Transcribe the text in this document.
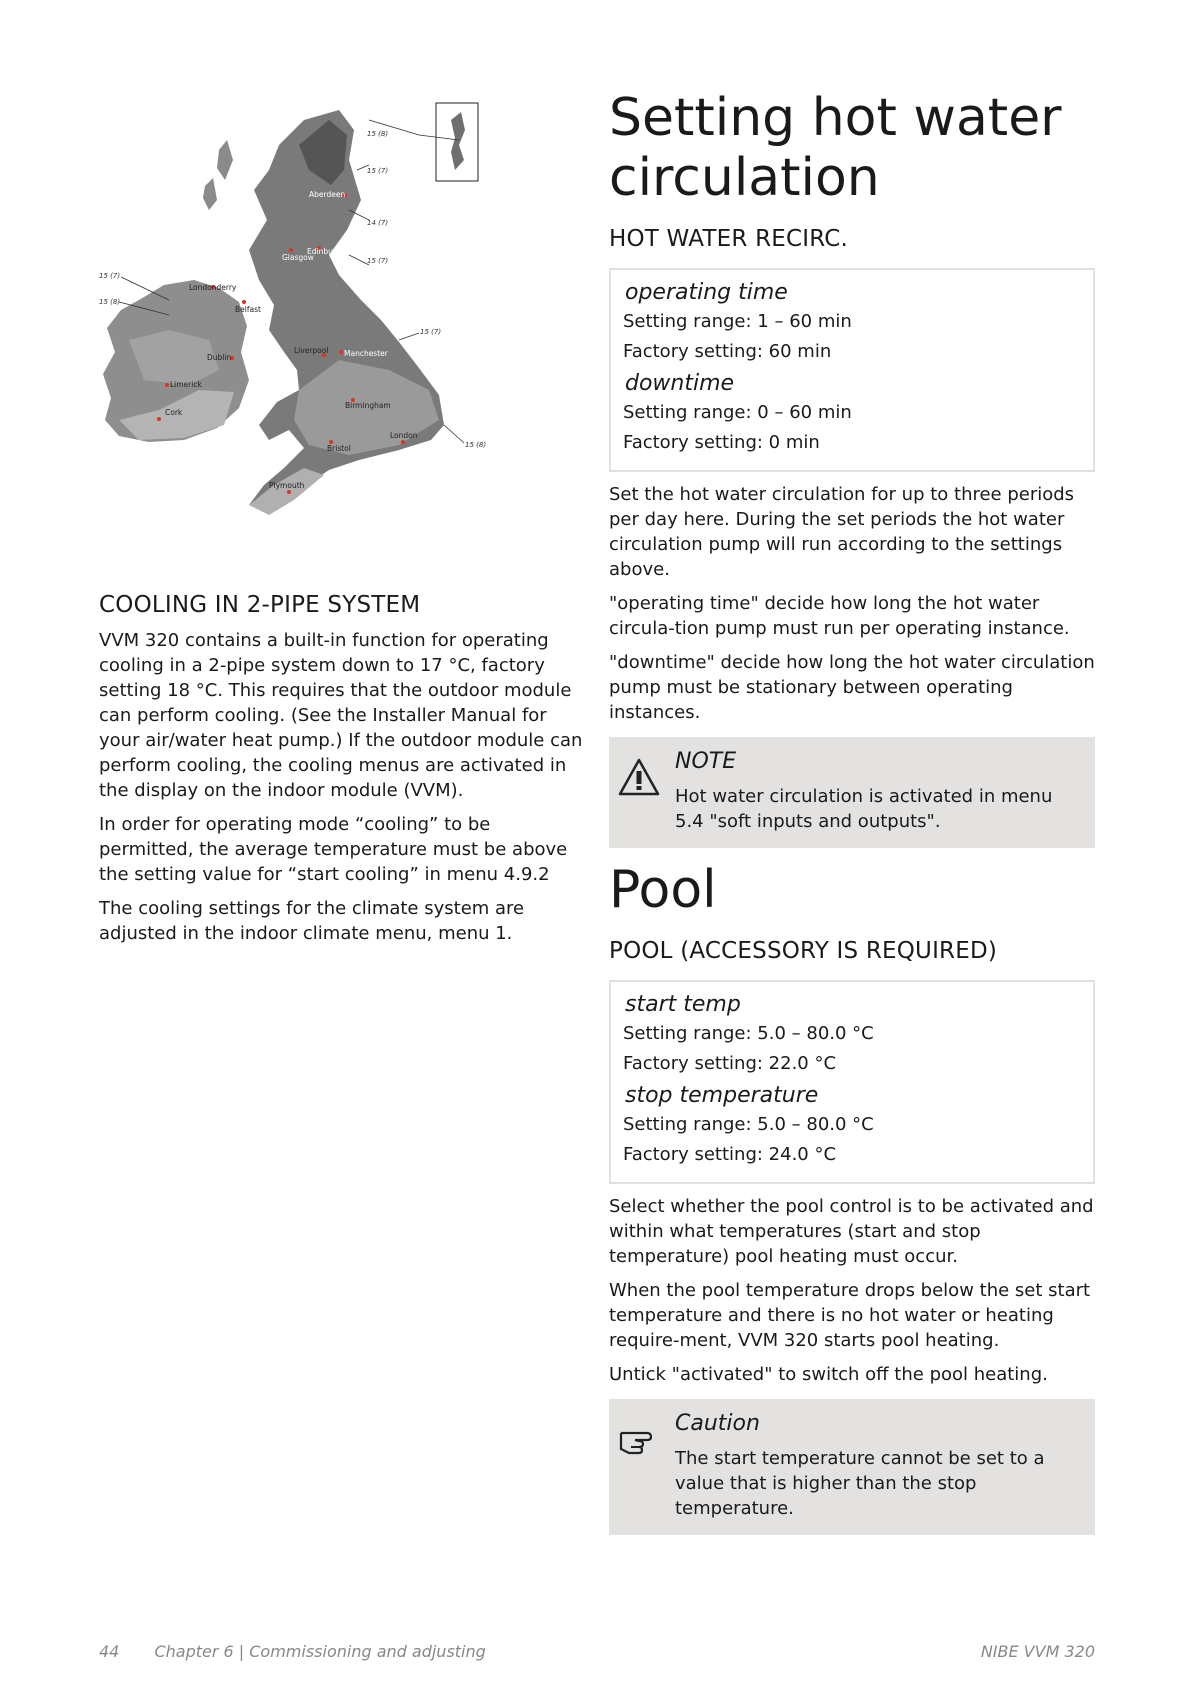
15 (8)
15 (7)
14 (7)
15 (7)
15 (7)
15 (8)
15 (7)
15 (8)
Aberdeen
Edinburgh
Glasgow
Londonderry
Belfast
Dublin
Liverpool Manchester
Limerick
Cork
Birmingham
London
Bristol
Plymouth
COOLING IN 2-PIPE SYSTEM

VVM 320 contains a built-in function for operating cooling in a 2-pipe system down to 17 °C, factory setting 18 °C. This requires that the outdoor module can perform cooling. (See the Installer Manual for your air/water heat pump.) If the outdoor module can perform cooling, the cooling menus are activated in the display on the indoor module (VVM).

In order for operating mode “cooling” to be permitted, the average temperature must be above the setting value for “start cooling” in menu 4.9.2

The cooling settings for the climate system are adjusted in the indoor climate menu, menu 1.

Setting hot water circulation
HOT WATER RECIRC.
operating time
Setting range: 1 – 60 min
Factory setting: 60 min
downtime
Setting range: 0 – 60 min
Factory setting: 0 min

Set the hot water circulation for up to three periods per day here. During the set periods the hot water circulation pump will run according to the settings above.

"operating time" decide how long the hot water circula-tion pump must run per operating instance.

"downtime" decide how long the hot water circulation pump must be stationary between operating instances.

NOTE
Hot water circulation is activated in menu 5.4 "soft inputs and outputs".
Pool
POOL (ACCESSORY IS REQUIRED)
start temp
Setting range: 5.0 – 80.0 °C
Factory setting: 22.0 °C
stop temperature
Setting range: 5.0 – 80.0 °C
Factory setting: 24.0 °C

Select whether the pool control is to be activated and within what temperatures (start and stop temperature) pool heating must occur.

When the pool temperature drops below the set start temperature and there is no hot water or heating require-ment, VVM 320 starts pool heating.

Untick "activated" to switch off the pool heating.

Caution
The start temperature cannot be set to a value that is higher than the stop temperature.
44 Chapter 6 | Commissioning and adjusting	NIBE VVM 320
